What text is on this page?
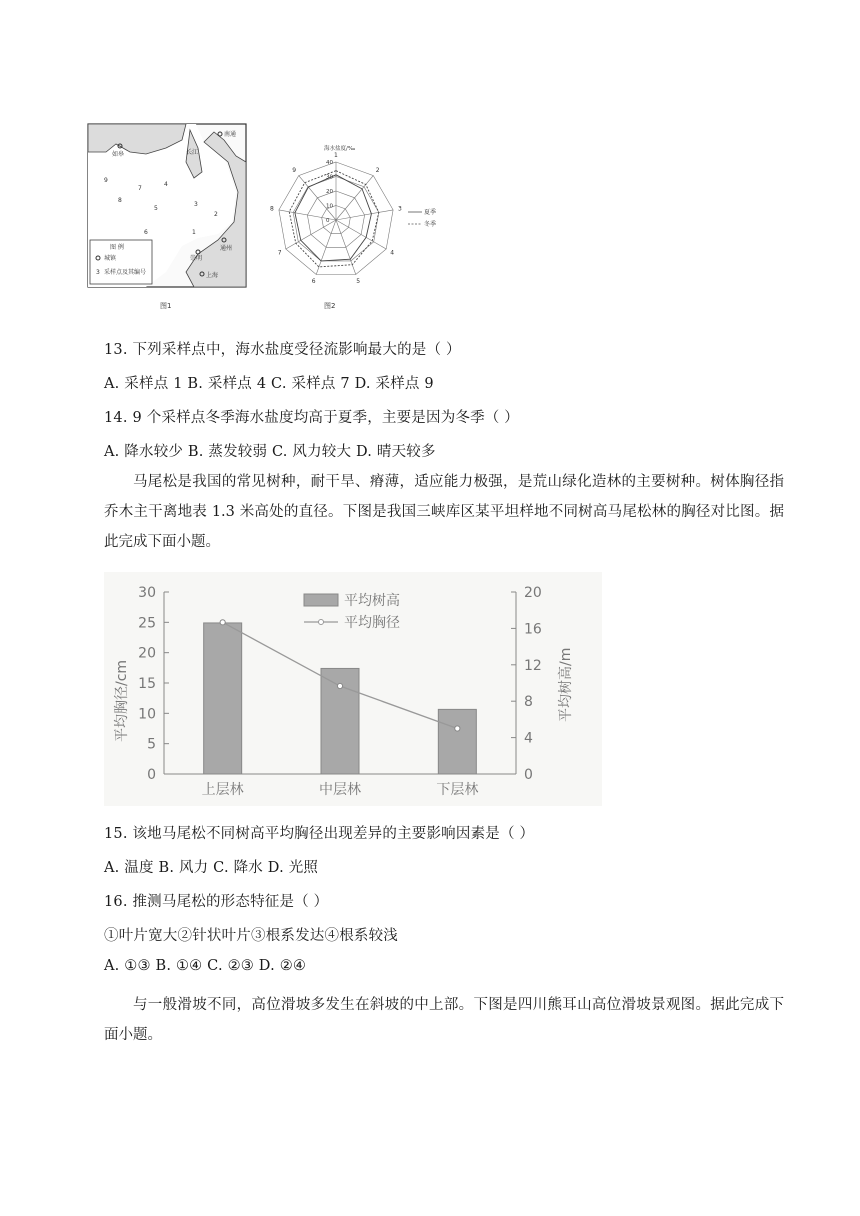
如皋
南通
通州
崇明
上海
长江
9
7
4
8
5
3
2
6	1
图 例
城镇
3 采样点及其编号
图1
海水盐度/‰
40
30
20
10
0
1
2
3
4
5
6
7
8
9
夏季
冬季
图2
13. 下列采样点中，海水盐度受径流影响最大的是（ ）
A. 采样点 1 B. 采样点 4 C. 采样点 7 D. 采样点 9
14. 9 个采样点冬季海水盐度均高于夏季，主要是因为冬季（ ）
A. 降水较少 B. 蒸发较弱 C. 风力较大 D. 晴天较多
马尾松是我国的常见树种，耐干旱、瘠薄，适应能力极强，是荒山绿化造林的主要树种。树体胸径指乔木主干离地表 1.3 米高处的直径。下图是我国三峡库区某平坦样地不同树高马尾松林的胸径对比图。据此完成下面小题。
0
5
10
15
20
25
30
0
4
8
12
16
20
上层林	中层林	下层林
平均胸径/cm	平均树高/m
平均树高
平均胸径
15. 该地马尾松不同树高平均胸径出现差异的主要影响因素是（ ）
A. 温度 B. 风力 C. 降水 D. 光照
16. 推测马尾松的形态特征是（ ）
①叶片宽大②针状叶片③根系发达④根系较浅
A. ①③ B. ①④ C. ②③ D. ②④
与一般滑坡不同，高位滑坡多发生在斜坡的中上部。下图是四川熊耳山高位滑坡景观图。据此完成下面小题。
